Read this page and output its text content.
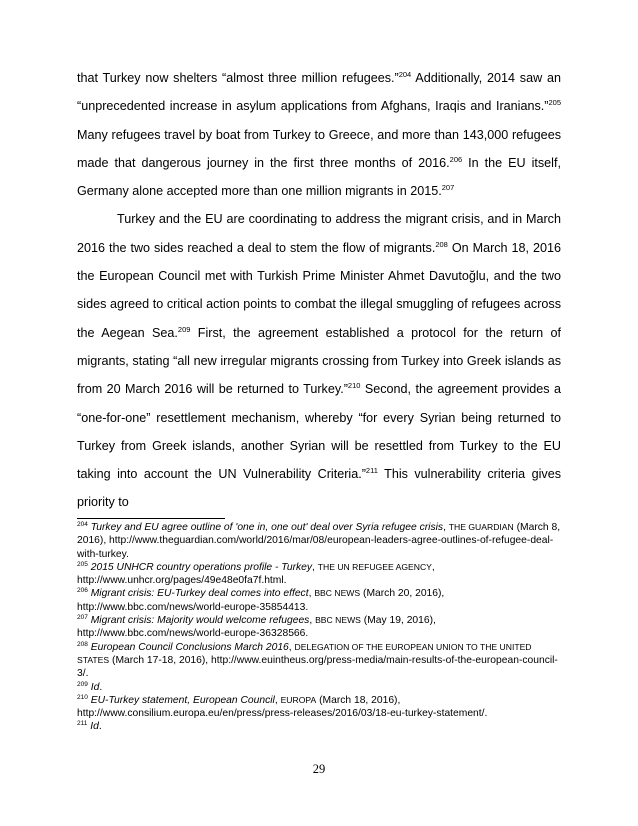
that Turkey now shelters “almost three million refugees.”$^{204}$ Additionally, 2014 saw an “unprecedented increase in asylum applications from Afghans, Iraqis and Iranians.”$^{205}$ Many refugees travel by boat from Turkey to Greece, and more than 143,000 refugees made that dangerous journey in the first three months of 2016.$^{206}$ In the EU itself, Germany alone accepted more than one million migrants in 2015.$^{207}$

Turkey and the EU are coordinating to address the migrant crisis, and in March 2016 the two sides reached a deal to stem the flow of migrants.$^{208}$ On March 18, 2016 the European Council met with Turkish Prime Minister Ahmet Davutoğlu, and the two sides agreed to critical action points to combat the illegal smuggling of refugees across the Aegean Sea.$^{209}$ First, the agreement established a protocol for the return of migrants, stating “all new irregular migrants crossing from Turkey into Greek islands as from 20 March 2016 will be returned to Turkey.”$^{210}$ Second, the agreement provides a “one-for-one” resettlement mechanism, whereby “for every Syrian being returned to Turkey from Greek islands, another Syrian will be resettled from Turkey to the EU taking into account the UN Vulnerability Criteria.”$^{211}$ This vulnerability criteria gives priority to

$^{204}$ Turkey and EU agree outline of 'one in, one out' deal over Syria refugee crisis, THE GUARDIAN (March 8, 2016), http://www.theguardian.com/world/2016/mar/08/european-leaders-agree-outlines-of-refugee-deal-with-turkey.
$^{205}$ 2015 UNHCR country operations profile - Turkey, THE UN REFUGEE AGENCY, http://www.unhcr.org/pages/49e48e0fa7f.html.
$^{206}$ Migrant crisis: EU-Turkey deal comes into effect, BBC NEWS (March 20, 2016), http://www.bbc.com/news/world-europe-35854413.
$^{207}$ Migrant crisis: Majority would welcome refugees, BBC NEWS (May 19, 2016), http://www.bbc.com/news/world-europe-36328566.
$^{208}$ European Council Conclusions March 2016, DELEGATION OF THE EUROPEAN UNION TO THE UNITED STATES (March 17-18, 2016), http://www.euintheus.org/press-media/main-results-of-the-european-council-3/.
$^{209}$ Id.
$^{210}$ EU-Turkey statement, European Council, EUROPA (March 18, 2016), http://www.consilium.europa.eu/en/press/press-releases/2016/03/18-eu-turkey-statement/.
$^{211}$ Id.
29
